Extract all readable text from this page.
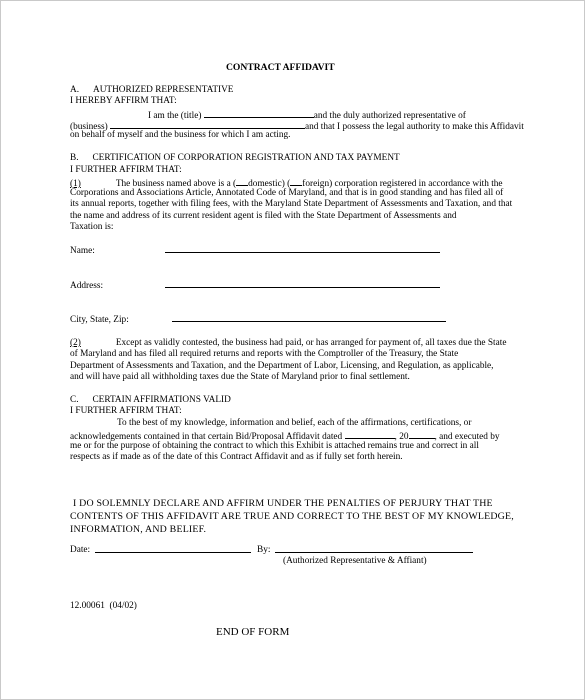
CONTRACT AFFIDAVIT
A.      AUTHORIZED REPRESENTATIVE
I HEREBY AFFIRM THAT:
I am the (title)	and the duly authorized representative of
(business)	and that I possess the legal authority to make this Affidavit
on behalf of myself and the business for which I am acting.
B.      CERTIFICATION OF CORPORATION REGISTRATION AND TAX PAYMENT
I FURTHER AFFIRM THAT:
(1)	The business named above is a ( domestic) ( foreign) corporation registered in accordance with the
Corporations and Associations Article, Annotated Code of Maryland, and that is in good standing and has filed all of
its annual reports, together with filing fees, with the Maryland State Department of Assessments and Taxation, and that
the name and address of its current resident agent is filed with the State Department of Assessments and
Taxation is:
Name:
Address:
City, State, Zip:
(2)	Except as validly contested, the business had paid, or has arranged for payment of, all taxes due the State
of Maryland and has filed all required returns and reports with the Comptroller of the Treasury, the State
Department of Assessments and Taxation, and the Department of Labor, Licensing, and Regulation, as applicable,
and will have paid all withholding taxes due the State of Maryland prior to final settlement.
C.      CERTAIN AFFIRMATIONS VALID
I FURTHER AFFIRM THAT:
To the best of my knowledge, information and belief, each of the affirmations, certifications, or
acknowledgements contained in that certain Bid/Proposal Affidavit dated	, 20	, and executed by
me or for the purpose of obtaining the contract to which this Exhibit is attached remains true and correct in all
respects as if made as of the date of this Contract Affidavit and as if fully set forth herein.
I DO SOLEMNLY DECLARE AND AFFIRM UNDER THE PENALTIES OF PERJURY THAT THE
CONTENTS OF THIS AFFIDAVIT ARE TRUE AND CORRECT TO THE BEST OF MY KNOWLEDGE,
INFORMATION, AND BELIEF.
Date:	By:
(Authorized Representative & Affiant)
12.00061  (04/02)
END OF FORM
